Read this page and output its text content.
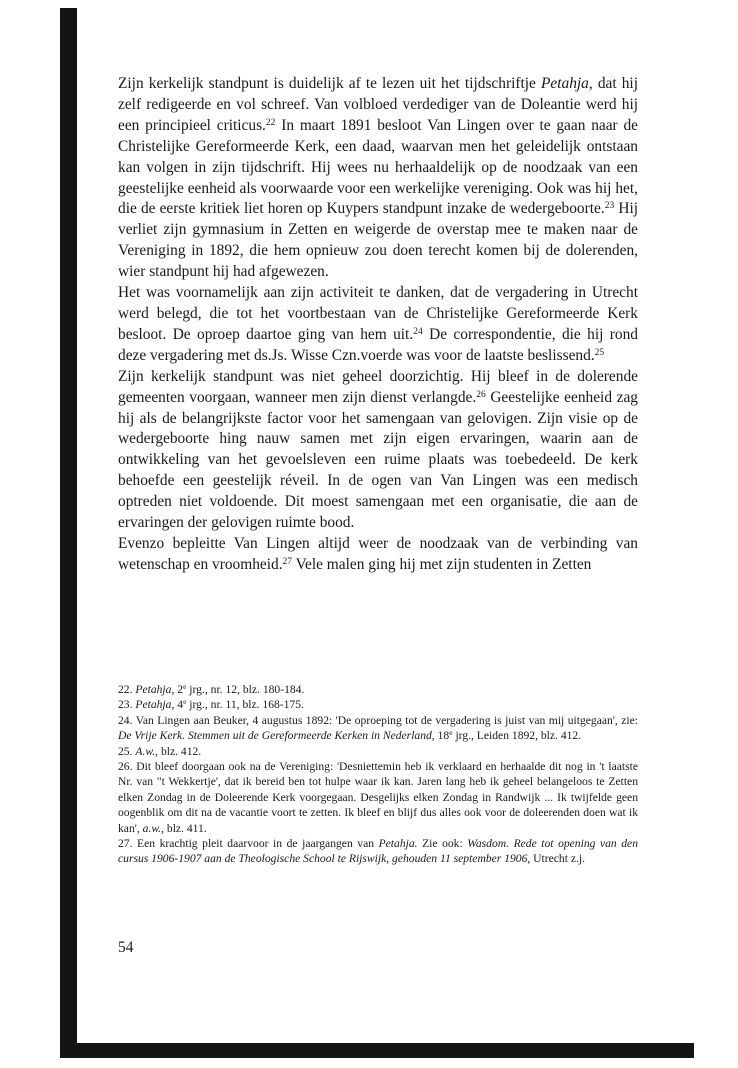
Zijn kerkelijk standpunt is duidelijk af te lezen uit het tijdschriftje Petahja, dat hij zelf redigeerde en vol schreef. Van volbloed verdediger van de Doleantie werd hij een principieel criticus.$^{22}$ In maart 1891 besloot Van Lingen over te gaan naar de Christelijke Gereformeerde Kerk, een daad, waarvan men het geleidelijk ontstaan kan volgen in zijn tijdschrift. Hij wees nu herhaaldelijk op de noodzaak van een geestelijke eenheid als voorwaarde voor een werkelijke vereniging. Ook was hij het, die de eerste kritiek liet horen op Kuypers standpunt inzake de wedergeboorte.$^{23}$ Hij verliet zijn gymnasium in Zetten en weigerde de overstap mee te maken naar de Vereniging in 1892, die hem opnieuw zou doen terecht komen bij de dolerenden, wier standpunt hij had afgewezen.

Het was voornamelijk aan zijn activiteit te danken, dat de vergadering in Utrecht werd belegd, die tot het voortbestaan van de Christelijke Gereformeerde Kerk besloot. De oproep daartoe ging van hem uit.$^{24}$ De correspondentie, die hij rond deze vergadering met ds.Js. Wisse Czn.voerde was voor de laatste beslissend.$^{25}$

Zijn kerkelijk standpunt was niet geheel doorzichtig. Hij bleef in de dolerende gemeenten voorgaan, wanneer men zijn dienst verlangde.$^{26}$ Geestelijke eenheid zag hij als de belangrijkste factor voor het samengaan van gelovigen. Zijn visie op de wedergeboorte hing nauw samen met zijn eigen ervaringen, waarin aan de ontwikkeling van het gevoelsleven een ruime plaats was toebedeeld. De kerk behoefde een geestelijk réveil. In de ogen van Van Lingen was een medisch optreden niet voldoende. Dit moest samengaan met een organisatie, die aan de ervaringen der gelovigen ruimte bood.

Evenzo bepleitte Van Lingen altijd weer de noodzaak van de verbinding van wetenschap en vroomheid.$^{27}$ Vele malen ging hij met zijn studenten in Zetten

22. Petahja, 2e jrg., nr. 12, blz. 180-184.

23. Petahja, 4e jrg., nr. 11, blz. 168-175.

24. Van Lingen aan Beuker, 4 augustus 1892: 'De oproeping tot de vergadering is juist van mij uitgegaan', zie: De Vrije Kerk. Stemmen uit de Gereformeerde Kerken in Nederland, 18e jrg., Leiden 1892, blz. 412.

25. A.w., blz. 412.

26. Dit bleef doorgaan ook na de Vereniging: 'Desniettemin heb ik verklaard en herhaalde dit nog in 't laatste Nr. van "t Wekkertje', dat ik bereid ben tot hulpe waar ik kan. Jaren lang heb ik geheel belangeloos te Zetten elken Zondag in de Doleerende Kerk voorgegaan. Desgelijks elken Zondag in Randwijk ... Ik twijfelde geen oogenblik om dit na de vacantie voort te zetten. Ik bleef en blijf dus alles ook voor de doleerenden doen wat ik kan', a.w., blz. 411.

27. Een krachtig pleit daarvoor in de jaargangen van Petahja. Zie ook: Wasdom. Rede tot opening van den cursus 1906-1907 aan de Theologische School te Rijswijk, gehouden 11 september 1906, Utrecht z.j.

54
